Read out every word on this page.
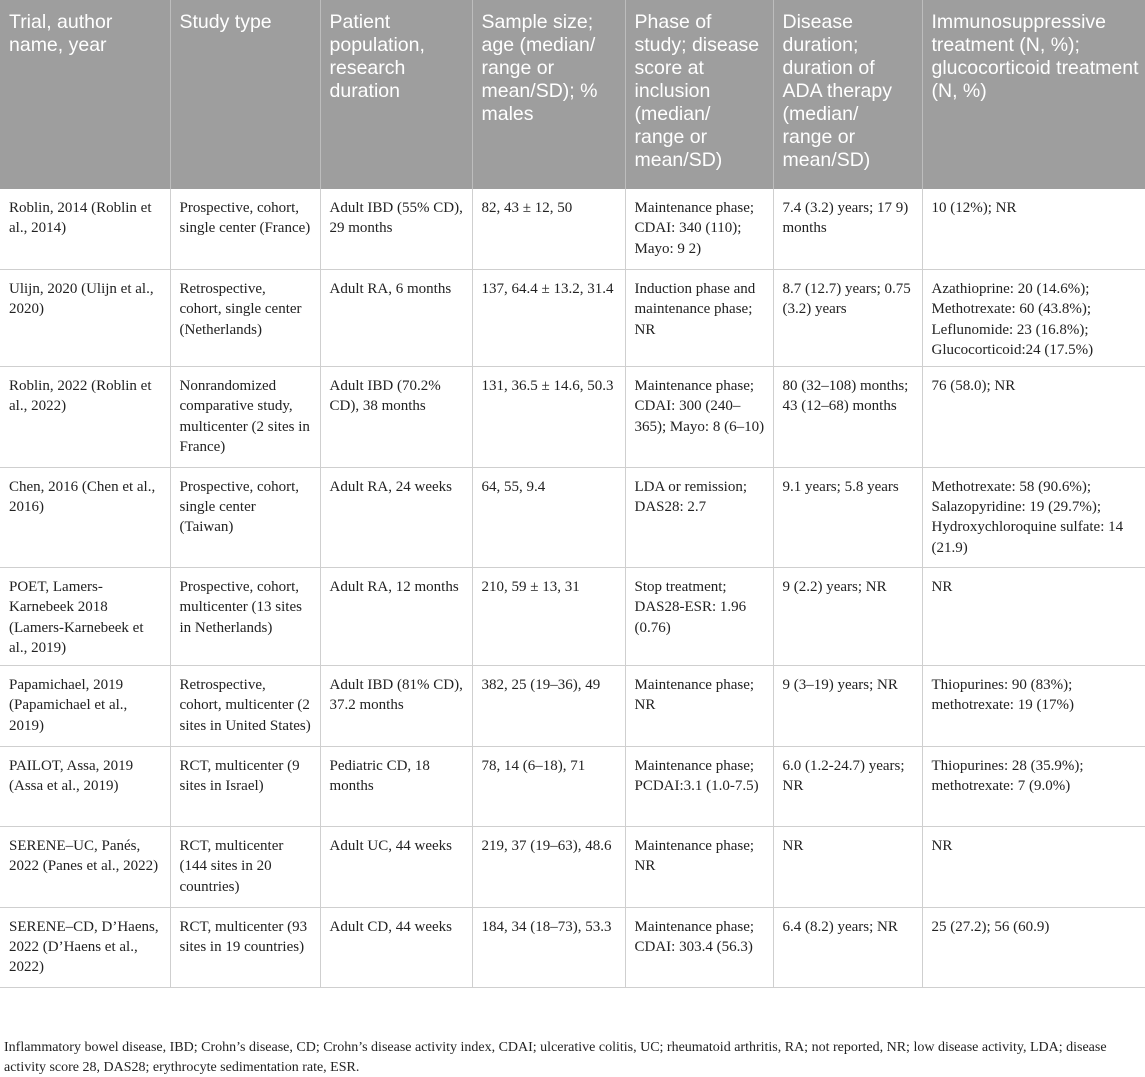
Trial, author name, year	Study type	Patient population, research duration	Sample size; age (median/ range or mean/SD); % males	Phase of study; disease score at inclusion (median/ range or mean/SD)	Disease duration; duration of ADA therapy (median/ range or mean/SD)	Immunosuppressive treatment (N, %); glucocorticoid treatment (N, %)
Roblin, 2014 (Roblin et al., 2014)	Prospective, cohort, single center (France)	Adult IBD (55% CD), 29 months	82, 43 ± 12, 50	Maintenance phase; CDAI: 340 (110); Mayo: 9 2)	7.4 (3.2) years; 17 9) months	10 (12%); NR
Ulijn, 2020 (Ulijn et al., 2020)	Retrospective, cohort, single center (Netherlands)	Adult RA, 6 months	137, 64.4 ± 13.2, 31.4	Induction phase and maintenance phase; NR	8.7 (12.7) years; 0.75 (3.2) years	Azathioprine: 20 (14.6%); Methotrexate: 60 (43.8%); Leflunomide: 23 (16.8%); Glucocorticoid:24 (17.5%)
Roblin, 2022 (Roblin et al., 2022)	Nonrandomized comparative study, multicenter (2 sites in France)	Adult IBD (70.2% CD), 38 months	131, 36.5 ± 14.6, 50.3	Maintenance phase; CDAI: 300 (240–365); Mayo: 8 (6–10)	80 (32–108) months; 43 (12–68) months	76 (58.0); NR
Chen, 2016 (Chen et al., 2016)	Prospective, cohort, single center (Taiwan)	Adult RA, 24 weeks	64, 55, 9.4	LDA or remission; DAS28: 2.7	9.1 years; 5.8 years	Methotrexate: 58 (90.6%); Salazopyridine: 19 (29.7%); Hydroxychloroquine sulfate: 14 (21.9)
POET, Lamers-Karnebeek 2018 (Lamers-Karnebeek et al., 2019)	Prospective, cohort, multicenter (13 sites in Netherlands)	Adult RA, 12 months	210, 59 ± 13, 31	Stop treatment; DAS28-ESR: 1.96 (0.76)	9 (2.2) years; NR	NR
Papamichael, 2019 (Papamichael et al., 2019)	Retrospective, cohort, multicenter (2 sites in United States)	Adult IBD (81% CD), 37.2 months	382, 25 (19–36), 49	Maintenance phase; NR	9 (3–19) years; NR	Thiopurines: 90 (83%); methotrexate: 19 (17%)
PAILOT, Assa, 2019 (Assa et al., 2019)	RCT, multicenter (9 sites in Israel)	Pediatric CD, 18 months	78, 14 (6–18), 71	Maintenance phase; PCDAI:3.1 (1.0-7.5)	6.0 (1.2-24.7) years; NR	Thiopurines: 28 (35.9%); methotrexate: 7 (9.0%)
SERENE–UC, Panés, 2022 (Panes et al., 2022)	RCT, multicenter (144 sites in 20 countries)	Adult UC, 44 weeks	219, 37 (19–63), 48.6	Maintenance phase; NR	NR	NR
SERENE–CD, D’Haens, 2022 (D’Haens et al., 2022)	RCT, multicenter (93 sites in 19 countries)	Adult CD, 44 weeks	184, 34 (18–73), 53.3	Maintenance phase; CDAI: 303.4 (56.3)	6.4 (8.2) years; NR	25 (27.2); 56 (60.9)
Inflammatory bowel disease, IBD; Crohn’s disease, CD; Crohn’s disease activity index, CDAI; ulcerative colitis, UC; rheumatoid arthritis, RA; not reported, NR; low disease activity, LDA; disease activity score 28, DAS28; erythrocyte sedimentation rate, ESR.
